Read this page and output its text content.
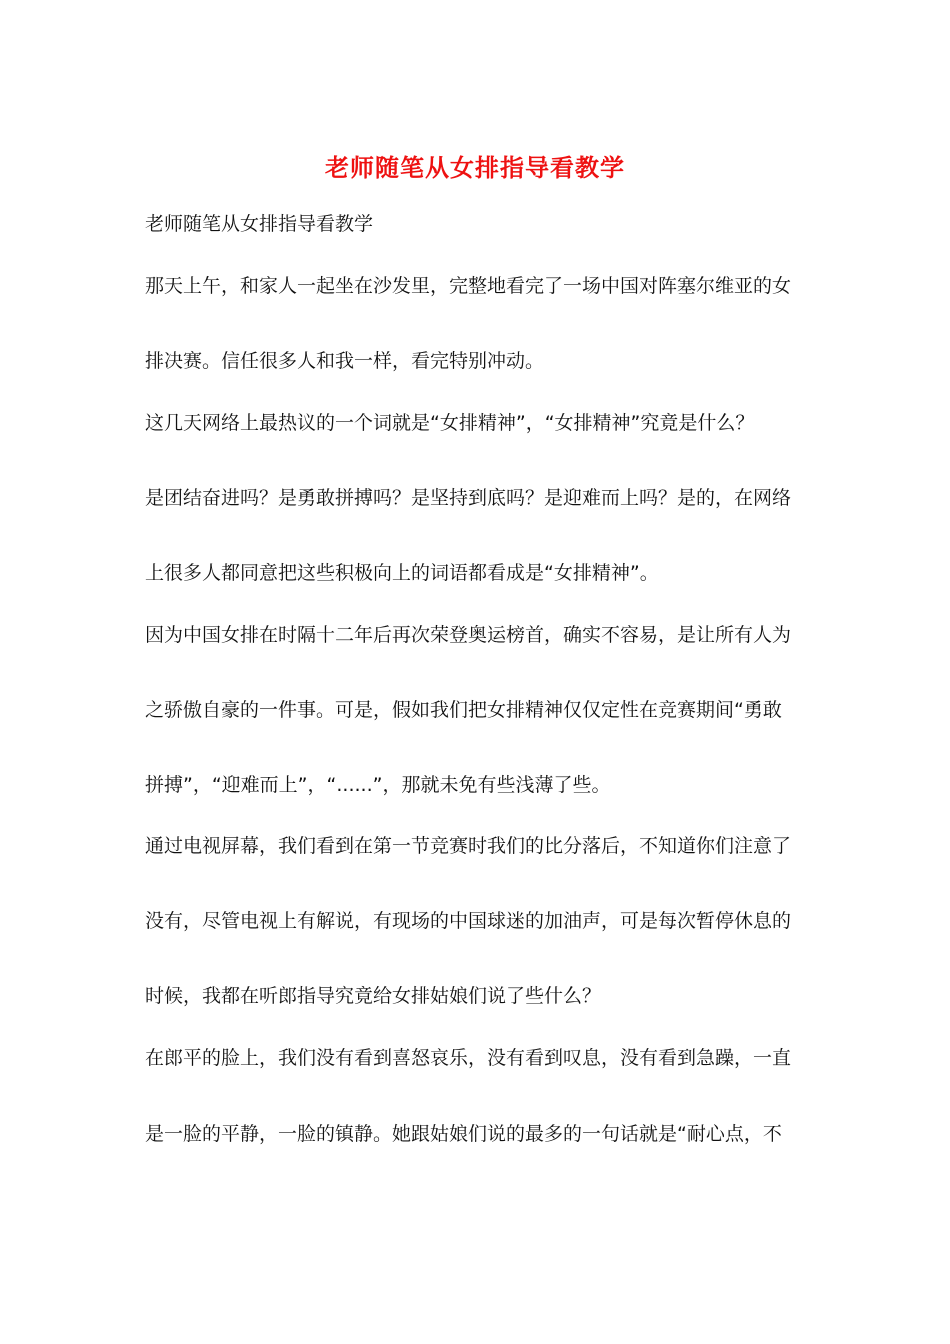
老师随笔从女排指导看教学
老师随笔从女排指导看教学
那天上午，和家人一起坐在沙发里，完整地看完了一场中国对阵塞尔维亚的女
排决赛。信任很多人和我一样，看完特别冲动。
这几天网络上最热议的一个词就是“女排精神”，“女排精神”究竟是什么？
是团结奋进吗？是勇敢拼搏吗？是坚持到底吗？是迎难而上吗？是的，在网络
上很多人都同意把这些积极向上的词语都看成是“女排精神”。
因为中国女排在时隔十二年后再次荣登奥运榜首，确实不容易，是让所有人为
之骄傲自豪的一件事。可是，假如我们把女排精神仅仅定性在竞赛期间“勇敢
拼搏”，“迎难而上”，“......”，那就未免有些浅薄了些。
通过电视屏幕，我们看到在第一节竞赛时我们的比分落后，不知道你们注意了
没有，尽管电视上有解说，有现场的中国球迷的加油声，可是每次暂停休息的
时候，我都在听郎指导究竟给女排姑娘们说了些什么？
在郎平的脸上，我们没有看到喜怒哀乐，没有看到叹息，没有看到急躁，一直
是一脸的平静，一脸的镇静。她跟姑娘们说的最多的一句话就是“耐心点，不
